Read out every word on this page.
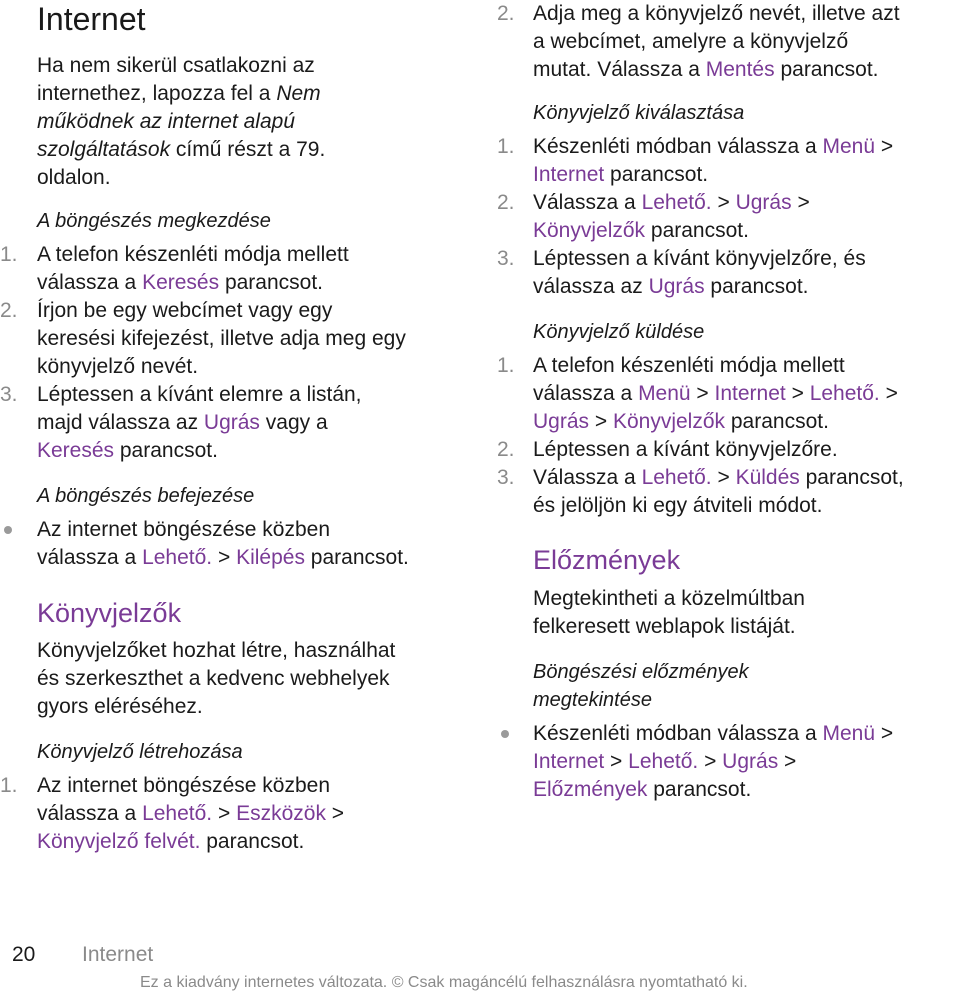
Internet
Ha nem sikerül csatlakozni az
internethez, lapozza fel a Nem
működnek az internet alapú
szolgáltatások című részt a 79.
oldalon.
A böngészés megkezdése
1. A telefon készenléti módja mellett
válassza a Keresés parancsot.
2. Írjon be egy webcímet vagy egy
keresési kifejezést, illetve adja meg egy
könyvjelző nevét.
3. Léptessen a kívánt elemre a listán,
majd válassza az Ugrás vagy a
Keresés parancsot.
A böngészés befejezése
Az internet böngészése közben
válassza a Lehető. > Kilépés parancsot.
Könyvjelzők
Könyvjelzőket hozhat létre, használhat
és szerkeszthet a kedvenc webhelyek
gyors eléréséhez.
Könyvjelző létrehozása
1. Az internet böngészése közben
válassza a Lehető. > Eszközök >
Könyvjelző felvét. parancsot.
2. Adja meg a könyvjelző nevét, illetve azt
a webcímet, amelyre a könyvjelző
mutat. Válassza a Mentés parancsot.
Könyvjelző kiválasztása
1. Készenléti módban válassza a Menü >
Internet parancsot.
2. Válassza a Lehető. > Ugrás >
Könyvjelzők parancsot.
3. Léptessen a kívánt könyvjelzőre, és
válassza az Ugrás parancsot.
Könyvjelző küldése
1. A telefon készenléti módja mellett
válassza a Menü > Internet > Lehető. >
Ugrás > Könyvjelzők parancsot.
2. Léptessen a kívánt könyvjelzőre.
3. Válassza a Lehető. > Küldés parancsot,
és jelöljön ki egy átviteli módot.
Előzmények
Megtekintheti a közelmúltban
felkeresett weblapok listáját.
Böngészési előzmények
megtekintése
Készenléti módban válassza a Menü >
Internet > Lehető. > Ugrás >
Előzmények parancsot.
20 Internet
Ez a kiadvány internetes változata. © Csak magáncélú felhasználásra nyomtatható ki.
